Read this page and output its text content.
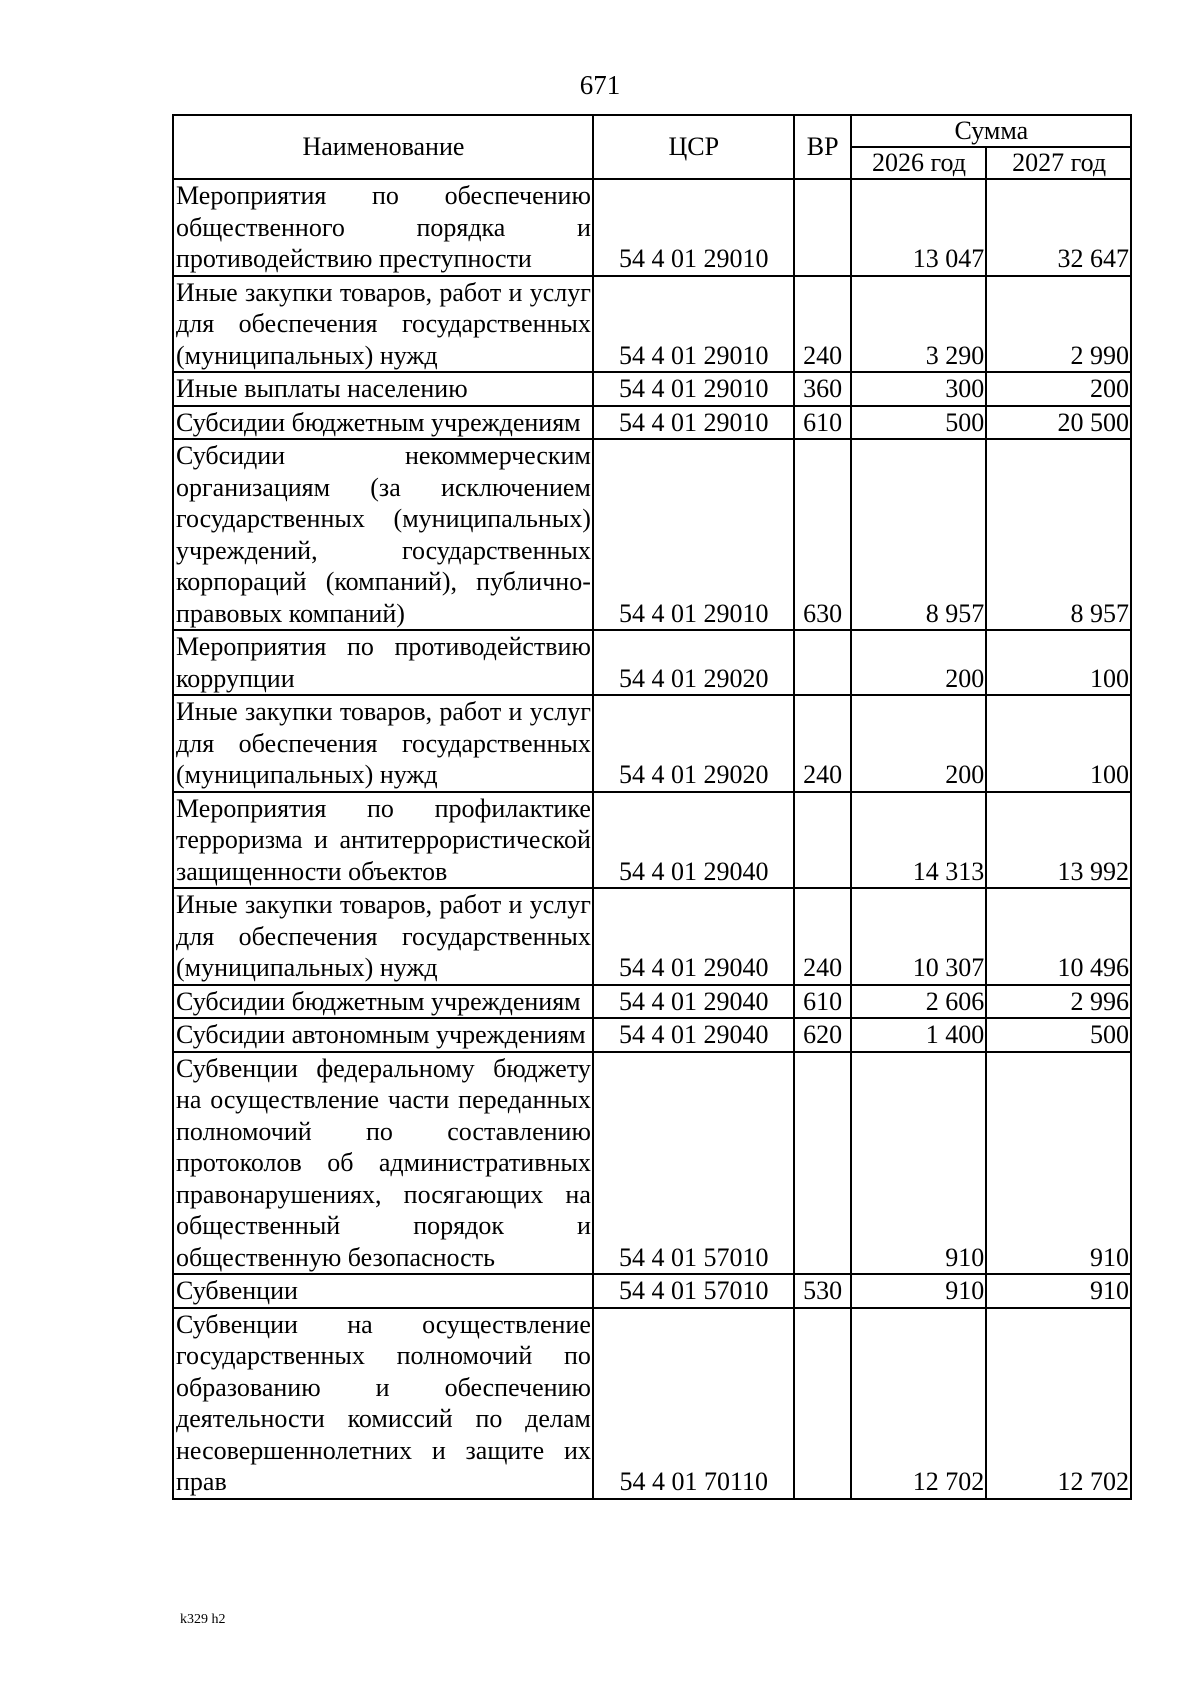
671
Наименование	ЦСР	ВР	Сумма	
			2026 год	2027 год
Мероприятия по обеспечению общественного порядка и противодействию преступности	54 4 01 29010		13 047	32 647
Иные закупки товаров, работ и услуг для обеспечения государственных (муниципальных) нужд	54 4 01 29010	240	3 290	2 990
Иные выплаты населению	54 4 01 29010	360	300	200
Субсидии бюджетным учреждениям	54 4 01 29010	610	500	20 500
Субсидии некоммерческим организациям (за исключением государственных (муниципальных) учреждений, государственных корпораций (компаний), публично-правовых компаний)	54 4 01 29010	630	8 957	8 957
Мероприятия по противодействию коррупции	54 4 01 29020		200	100
Иные закупки товаров, работ и услуг для обеспечения государственных (муниципальных) нужд	54 4 01 29020	240	200	100
Мероприятия по профилактике терроризма и антитеррористической защищенности объектов	54 4 01 29040		14 313	13 992
Иные закупки товаров, работ и услуг для обеспечения государственных (муниципальных) нужд	54 4 01 29040	240	10 307	10 496
Субсидии бюджетным учреждениям	54 4 01 29040	610	2 606	2 996
Субсидии автономным учреждениям	54 4 01 29040	620	1 400	500
Субвенции федеральному бюджету на осуществление части переданных полномочий по составлению протоколов об административных правонарушениях, посягающих на общественный порядок и общественную безопасность	54 4 01 57010		910	910
Субвенции	54 4 01 57010	530	910	910
Субвенции на осуществление государственных полномочий по образованию и обеспечению деятельности комиссий по делам несовершеннолетних и защите их прав	54 4 01 70110		12 702	12 702
k329 h2
